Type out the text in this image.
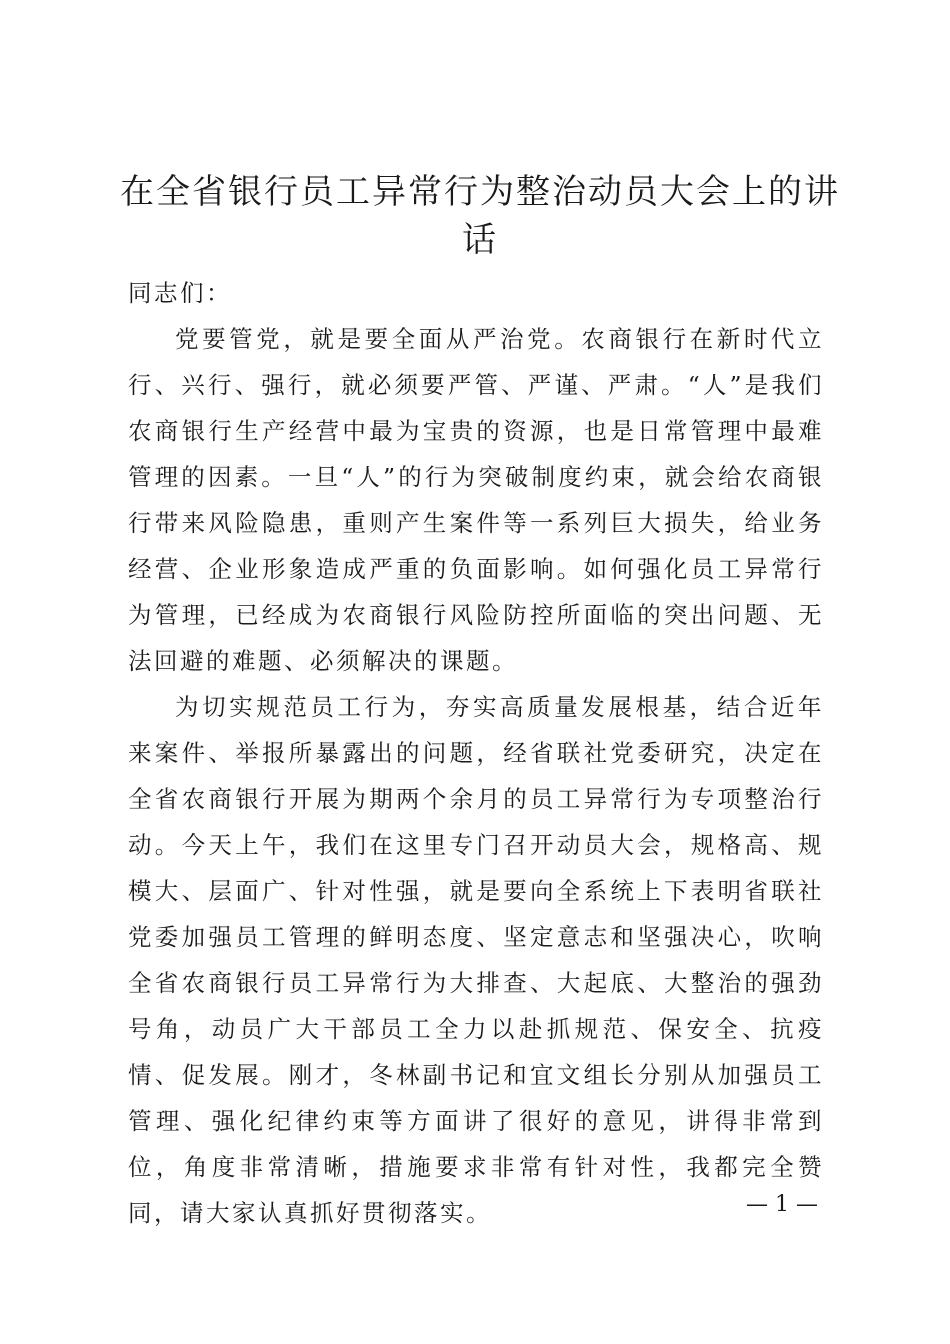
在全省银行员工异常行为整治动员大会上的讲话

同志们：

党要管党，就是要全面从严治党。农商银行在新时代立行、兴行、强行，就必须要严管、严谨、严肃。“人”是我们农商银行生产经营中最为宝贵的资源，也是日常管理中最难管理的因素。一旦“人”的行为突破制度约束，就会给农商银行带来风险隐患，重则产生案件等一系列巨大损失，给业务经营、企业形象造成严重的负面影响。如何强化员工异常行为管理，已经成为农商银行风险防控所面临的突出问题、无法回避的难题、必须解决的课题。

为切实规范员工行为，夯实高质量发展根基，结合近年来案件、举报所暴露出的问题，经省联社党委研究，决定在全省农商银行开展为期两个余月的员工异常行为专项整治行动。今天上午，我们在这里专门召开动员大会，规格高、规模大、层面广、针对性强，就是要向全系统上下表明省联社党委加强员工管理的鲜明态度、坚定意志和坚强决心，吹响全省农商银行员工异常行为大排查、大起底、大整治的强劲号角，动员广大干部员工全力以赴抓规范、保安全、抗疫情、促发展。刚才，冬林副书记和宜文组长分别从加强员工管理、强化纪律约束等方面讲了很好的意见，讲得非常到位，角度非常清晰，措施要求非常有针对性，我都完全赞同，请大家认真抓好贯彻落实。	— 1 —
